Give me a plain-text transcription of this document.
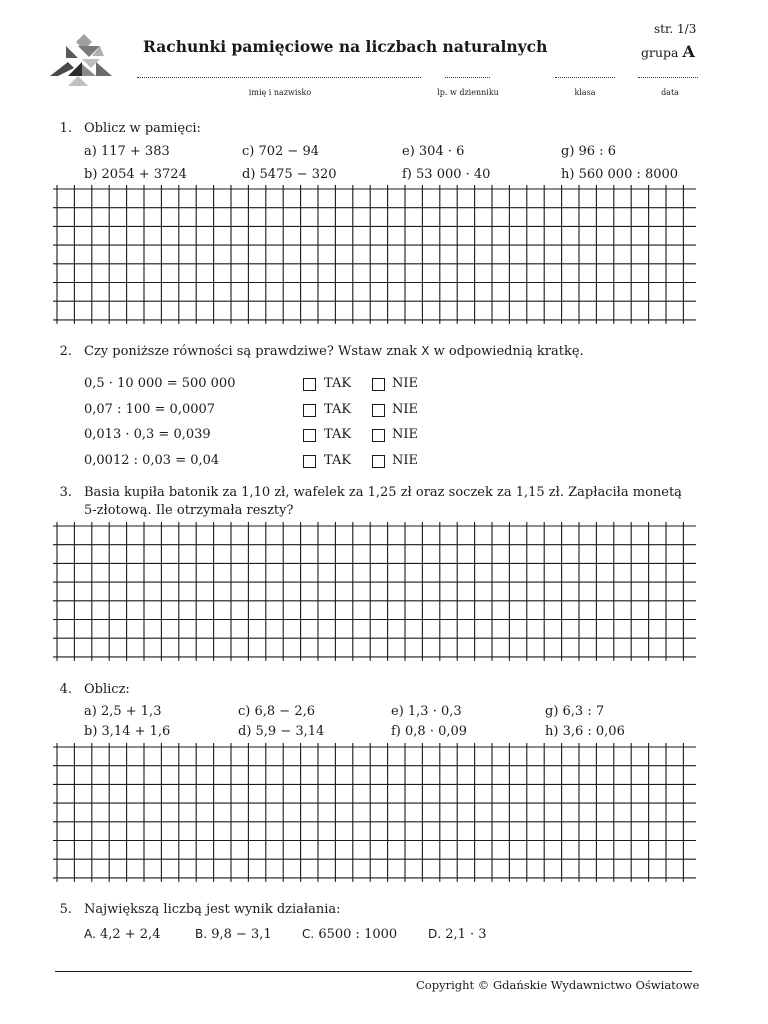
Rachunki pamięciowe na liczbach naturalnych
str. 1/3
grupa A
imię i nazwisko	lp. w dzienniku	klasa	data
1. Oblicz w pamięci:
a) 117 + 383	c) 702 − 94	e) 304 · 6	g) 96 : 6
b) 2054 + 3724	d) 5475 − 320	f) 53 000 · 40	h) 560 000 : 8000
2. Czy poniższe równości są prawdziwe? Wstaw znak X w odpowiednią kratkę.
0,5 · 10 000 = 500 000	TAK	NIE
0,07 : 100 = 0,0007	TAK	NIE
0,013 · 0,3 = 0,039	TAK	NIE
0,0012 : 0,03 = 0,04	TAK	NIE
3. Basia kupiła batonik za 1,10 zł, wafelek za 1,25 zł oraz soczek za 1,15 zł. Zapłaciła monetą
5-złotową. Ile otrzymała reszty?
4. Oblicz:
a) 2,5 + 1,3	c) 6,8 − 2,6	e) 1,3 · 0,3	g) 6,3 : 7
b) 3,14 + 1,6	d) 5,9 − 3,14	f) 0,8 · 0,09	h) 3,6 : 0,06
5. Największą liczbą jest wynik działania:
A. 4,2 + 2,4	B. 9,8 − 3,1	C. 6500 : 1000	D. 2,1 · 3
Copyright © Gdańskie Wydawnictwo Oświatowe
